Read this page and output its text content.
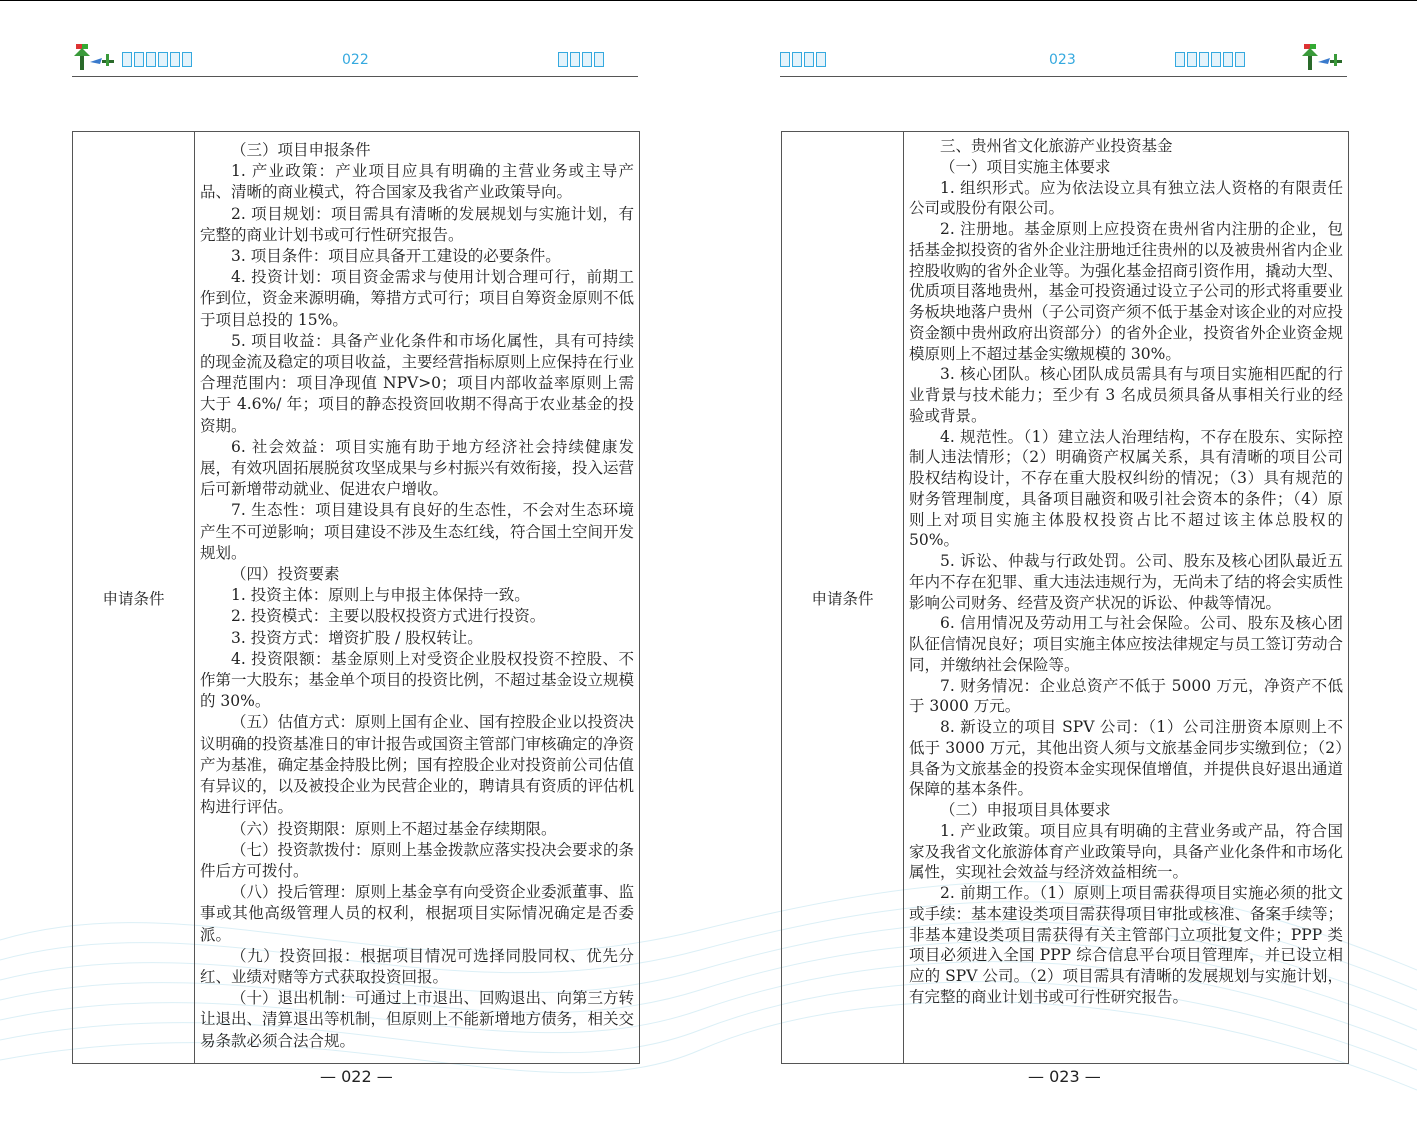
022
申请条件

（三）项目申报条件

1. 产业政策：产业项目应具有明确的主营业务或主导产品、清晰的商业模式，符合国家及我省产业政策导向。

2. 项目规划：项目需具有清晰的发展规划与实施计划，有完整的商业计划书或可行性研究报告。

3. 项目条件：项目应具备开工建设的必要条件。

4. 投资计划：项目资金需求与使用计划合理可行，前期工作到位，资金来源明确，筹措方式可行；项目自筹资金原则不低于项目总投的 15%。

5. 项目收益：具备产业化条件和市场化属性，具有可持续的现金流及稳定的项目收益，主要经营指标原则上应保持在行业合理范围内：项目净现值 NPV>0；项目内部收益率原则上需大于 4.6%/ 年；项目的静态投资回收期不得高于农业基金的投资期。

6. 社会效益：项目实施有助于地方经济社会持续健康发展，有效巩固拓展脱贫攻坚成果与乡村振兴有效衔接，投入运营后可新增带动就业、促进农户增收。

7. 生态性：项目建设具有良好的生态性，不会对生态环境产生不可逆影响；项目建设不涉及生态红线，符合国土空间开发规划。

（四）投资要素

1. 投资主体：原则上与申报主体保持一致。

2. 投资模式：主要以股权投资方式进行投资。

3. 投资方式：增资扩股 / 股权转让。

4. 投资限额：基金原则上对受资企业股权投资不控股、不作第一大股东；基金单个项目的投资比例，不超过基金设立规模的 30%。

（五）估值方式：原则上国有企业、国有控股企业以投资决议明确的投资基准日的审计报告或国资主管部门审核确定的净资产为基准，确定基金持股比例；国有控股企业对投资前公司估值有异议的，以及被投企业为民营企业的，聘请具有资质的评估机构进行评估。

（六）投资期限：原则上不超过基金存续期限。

（七）投资款拨付：原则上基金拨款应落实投决会要求的条件后方可拨付。

（八）投后管理：原则上基金享有向受资企业委派董事、监事或其他高级管理人员的权利，根据项目实际情况确定是否委派。

（九）投资回报：根据项目情况可选择同股同权、优先分红、业绩对赌等方式获取投资回报。

（十）退出机制：可通过上市退出、回购退出、向第三方转让退出、清算退出等机制，但原则上不能新增地方债务，相关交易条款必须合法合规。

— 022 —
023
申请条件

三、贵州省文化旅游产业投资基金

（一）项目实施主体要求

1. 组织形式。应为依法设立具有独立法人资格的有限责任公司或股份有限公司。

2. 注册地。基金原则上应投资在贵州省内注册的企业，包括基金拟投资的省外企业注册地迁往贵州的以及被贵州省内企业控股收购的省外企业等。为强化基金招商引资作用，撬动大型、优质项目落地贵州，基金可投资通过设立子公司的形式将重要业务板块地落户贵州（子公司资产须不低于基金对该企业的对应投资金额中贵州政府出资部分）的省外企业，投资省外企业资金规模原则上不超过基金实缴规模的 30%。

3. 核心团队。核心团队成员需具有与项目实施相匹配的行业背景与技术能力；至少有 3 名成员须具备从事相关行业的经验或背景。

4. 规范性。（1）建立法人治理结构，不存在股东、实际控制人违法情形；（2）明确资产权属关系，具有清晰的项目公司股权结构设计，不存在重大股权纠纷的情况；（3）具有规范的财务管理制度，具备项目融资和吸引社会资本的条件；（4）原则上对项目实施主体股权投资占比不超过该主体总股权的 50%。

5. 诉讼、仲裁与行政处罚。公司、股东及核心团队最近五年内不存在犯罪、重大违法违规行为，无尚未了结的将会实质性影响公司财务、经营及资产状况的诉讼、仲裁等情况。

6. 信用情况及劳动用工与社会保险。公司、股东及核心团队征信情况良好；项目实施主体应按法律规定与员工签订劳动合同，并缴纳社会保险等。

7. 财务情况：企业总资产不低于 5000 万元，净资产不低于 3000 万元。

8. 新设立的项目 SPV 公司：（1）公司注册资本原则上不低于 3000 万元，其他出资人须与文旅基金同步实缴到位；（2）具备为文旅基金的投资本金实现保值增值，并提供良好退出通道保障的基本条件。

（二）申报项目具体要求

1. 产业政策。项目应具有明确的主营业务或产品，符合国家及我省文化旅游体育产业政策导向，具备产业化条件和市场化属性，实现社会效益与经济效益相统一。

2. 前期工作。（1）原则上项目需获得项目实施必须的批文或手续：基本建设类项目需获得项目审批或核准、备案手续等；非基本建设类项目需获得有关主管部门立项批复文件；PPP 类项目必须进入全国 PPP 综合信息平台项目管理库，并已设立相应的 SPV 公司。（2）项目需具有清晰的发展规划与实施计划，有完整的商业计划书或可行性研究报告。

— 023 —
